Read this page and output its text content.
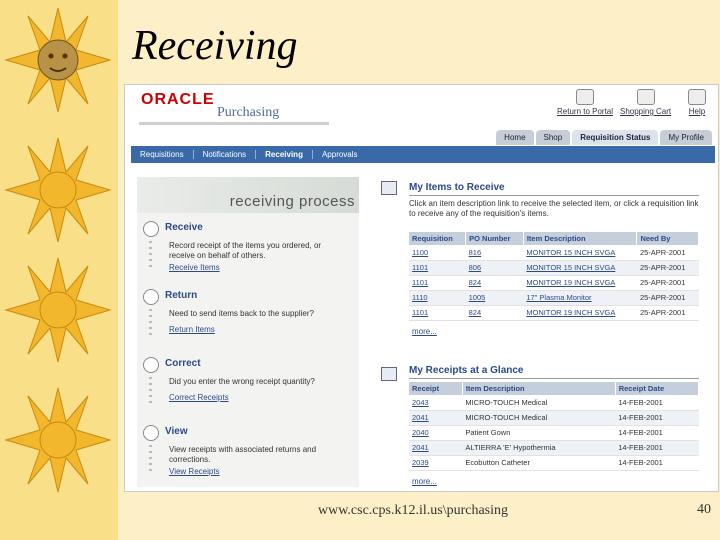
Receiving
ORACLE
Purchasing	Return to Portal Shopping Cart Help
Home	Shop	Requisition Status	My Profile
Requisitions	Notifications	Receiving	Approvals
receiving process
Receive
Record receipt of the items you ordered, or receive on behalf of others.
Receive Items
Return
Need to send items back to the supplier?
Return Items
Correct
Did you enter the wrong receipt quantity?
Correct Receipts
View
View receipts with associated returns and corrections.
View Receipts
My Items to Receive
Click an item description link to receive the selected item, or click a requisition link to receive any of the requisition's items.
Requisition	PO Number	Item Description	Need By
1100	816	MONITOR 15 INCH SVGA	25-APR-2001
1101	806	MONITOR 15 INCH SVGA	25-APR-2001
1101	824	MONITOR 19 INCH SVGA	25-APR-2001
1110	1005	17" Plasma Monitor	25-APR-2001
1101	824	MONITOR 19 INCH SVGA	25-APR-2001
more...
My Receipts at a Glance
Receipt	Item Description	Receipt Date
2043	MICRO-TOUCH Medical	14-FEB-2001
2041	MICRO-TOUCH Medical	14-FEB-2001
2040	Patient Gown	14-FEB-2001
2041	ALTIERRA 'E' Hypothermia	14-FEB-2001
2039	Ecobutton Catheter	14-FEB-2001
more...
www.csc.cps.k12.il.us\purchasing	40
